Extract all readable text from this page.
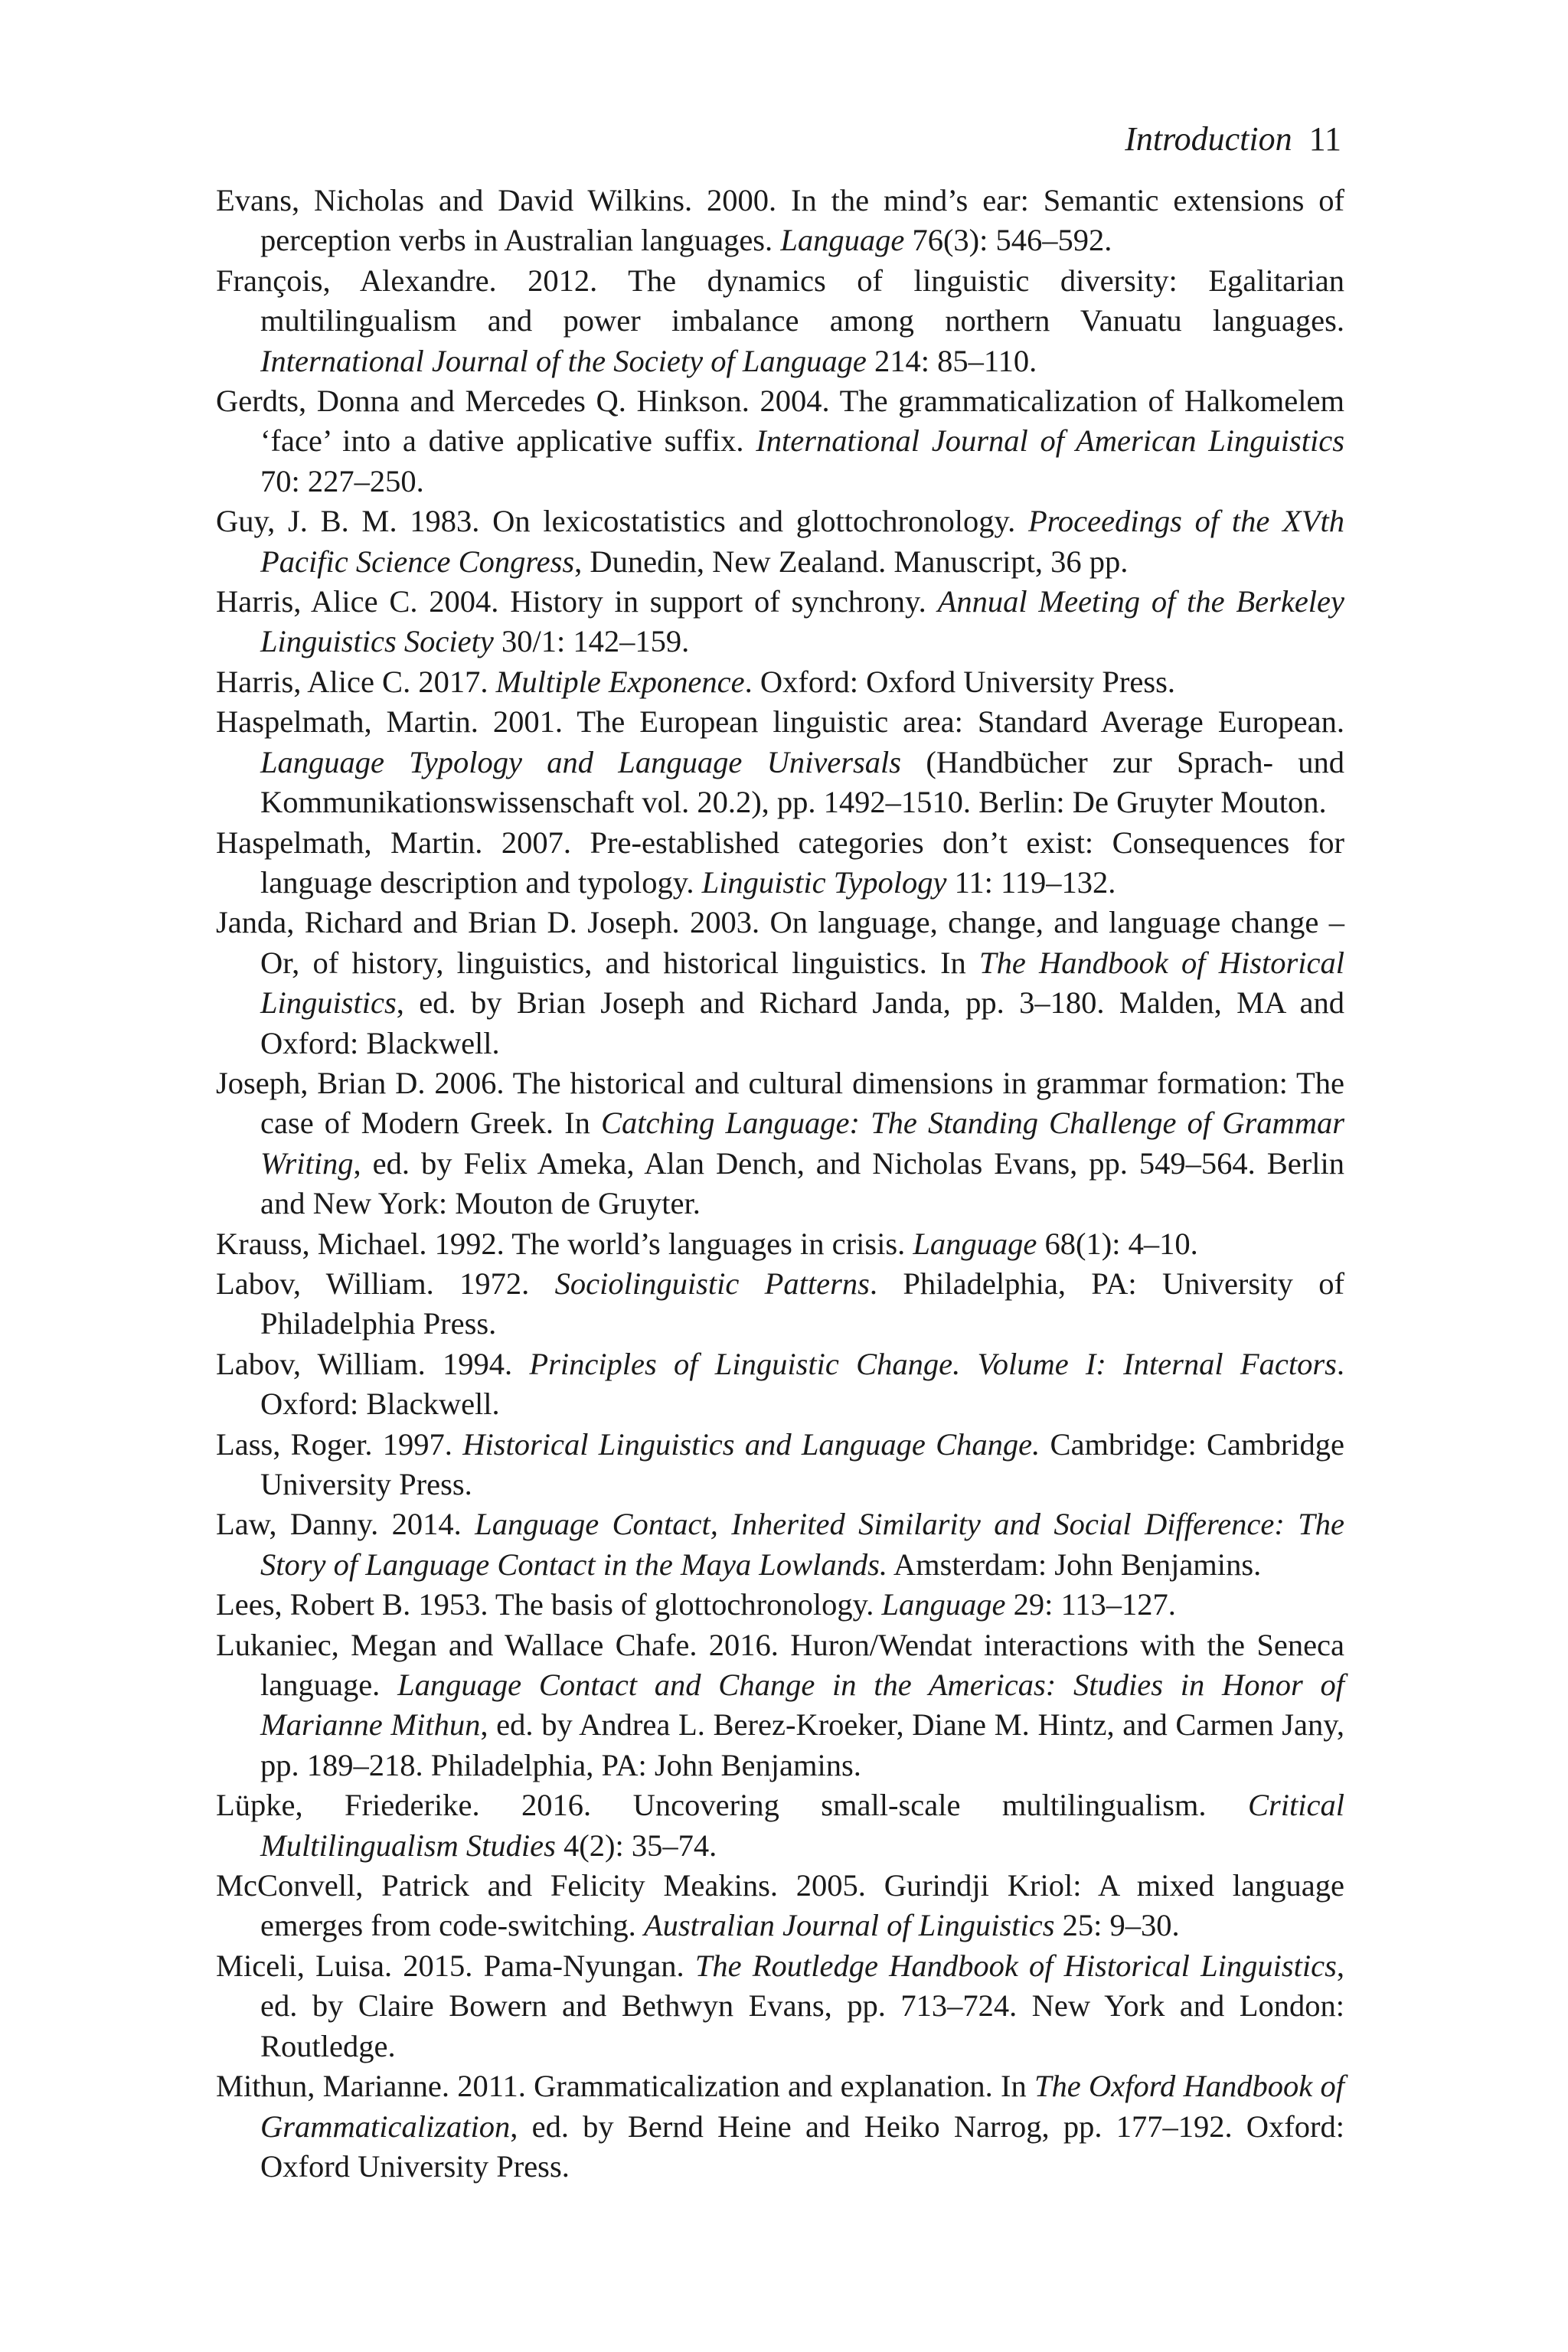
Introduction 11
Evans, Nicholas and David Wilkins. 2000. In the mind’s ear: Semantic extensions of perception verbs in Australian languages. Language 76(3): 546–592.
François, Alexandre. 2012. The dynamics of linguistic diversity: Egalitarian multilingualism and power imbalance among northern Vanuatu languages. International Journal of the Society of Language 214: 85–110.
Gerdts, Donna and Mercedes Q. Hinkson. 2004. The grammaticalization of Halkomelem ‘face’ into a dative applicative suffix. International Journal of American Linguistics 70: 227–250.
Guy, J. B. M. 1983. On lexicostatistics and glottochronology. Proceedings of the XVth Pacific Science Congress, Dunedin, New Zealand. Manuscript, 36 pp.
Harris, Alice C. 2004. History in support of synchrony. Annual Meeting of the Berkeley Linguistics Society 30/1: 142–159.
Harris, Alice C. 2017. Multiple Exponence. Oxford: Oxford University Press.
Haspelmath, Martin. 2001. The European linguistic area: Standard Average European. Language Typology and Language Universals (Handbücher zur Sprach- und Kommunikationswissenschaft vol. 20.2), pp. 1492–1510. Berlin: De Gruyter Mouton.
Haspelmath, Martin. 2007. Pre-established categories don’t exist: Consequences for language description and typology. Linguistic Typology 11: 119–132.
Janda, Richard and Brian D. Joseph. 2003. On language, change, and language change – Or, of history, linguistics, and historical linguistics. In The Handbook of Historical Linguistics, ed. by Brian Joseph and Richard Janda, pp. 3–180. Malden, MA and Oxford: Blackwell.
Joseph, Brian D. 2006. The historical and cultural dimensions in grammar formation: The case of Modern Greek. In Catching Language: The Standing Challenge of Grammar Writing, ed. by Felix Ameka, Alan Dench, and Nicholas Evans, pp. 549–564. Berlin and New York: Mouton de Gruyter.
Krauss, Michael. 1992. The world’s languages in crisis. Language 68(1): 4–10.
Labov, William. 1972. Sociolinguistic Patterns. Philadelphia, PA: University of Philadelphia Press.
Labov, William. 1994. Principles of Linguistic Change. Volume I: Internal Factors. Oxford: Blackwell.
Lass, Roger. 1997. Historical Linguistics and Language Change. Cambridge: Cambridge University Press.
Law, Danny. 2014. Language Contact, Inherited Similarity and Social Difference: The Story of Language Contact in the Maya Lowlands. Amsterdam: John Benjamins.
Lees, Robert B. 1953. The basis of glottochronology. Language 29: 113–127.
Lukaniec, Megan and Wallace Chafe. 2016. Huron/Wendat interactions with the Seneca language. Language Contact and Change in the Americas: Studies in Honor of Marianne Mithun, ed. by Andrea L. Berez-Kroeker, Diane M. Hintz, and Carmen Jany, pp. 189–218. Philadelphia, PA: John Benjamins.
Lüpke, Friederike. 2016. Uncovering small-scale multilingualism. Critical Multilingualism Studies 4(2): 35–74.
McConvell, Patrick and Felicity Meakins. 2005. Gurindji Kriol: A mixed language emerges from code-switching. Australian Journal of Linguistics 25: 9–30.
Miceli, Luisa. 2015. Pama-Nyungan. The Routledge Handbook of Historical Linguistics, ed. by Claire Bowern and Bethwyn Evans, pp. 713–724. New York and London: Routledge.
Mithun, Marianne. 2011. Grammaticalization and explanation. In The Oxford Handbook of Grammaticalization, ed. by Bernd Heine and Heiko Narrog, pp. 177–192. Oxford: Oxford University Press.
